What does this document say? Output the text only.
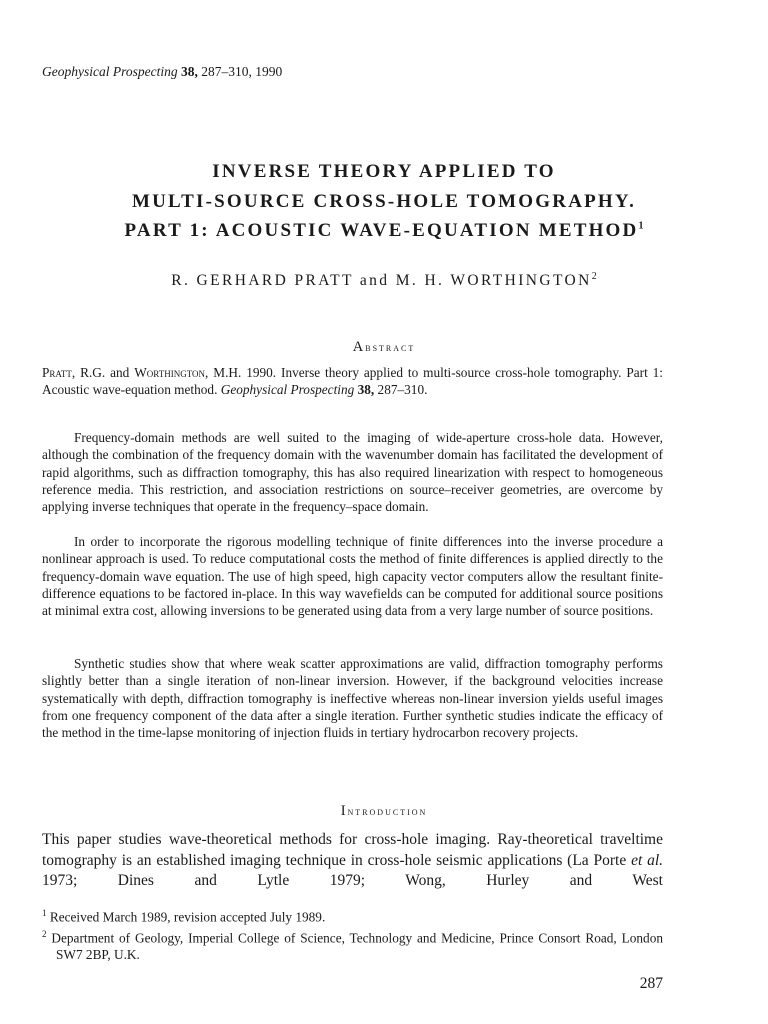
Geophysical Prospecting 38, 287–310, 1990
INVERSE THEORY APPLIED TO
MULTI-SOURCE CROSS-HOLE TOMOGRAPHY.
PART 1: ACOUSTIC WAVE-EQUATION METHOD$^1$
R. GERHARD PRATT and M. H. WORTHINGTON$^2$
Abstract
Pratt, R.G. and Worthington, M.H. 1990. Inverse theory applied to multi-source cross-hole tomography. Part 1: Acoustic wave-equation method. Geophysical Prospecting 38, 287–310.
Frequency-domain methods are well suited to the imaging of wide-aperture cross-hole data. However, although the combination of the frequency domain with the wavenumber domain has facilitated the development of rapid algorithms, such as diffraction tomography, this has also required linearization with respect to homogeneous reference media. This restriction, and association restrictions on source–receiver geometries, are overcome by applying inverse techniques that operate in the frequency–space domain.
In order to incorporate the rigorous modelling technique of finite differences into the inverse procedure a nonlinear approach is used. To reduce computational costs the method of finite differences is applied directly to the frequency-domain wave equation. The use of high speed, high capacity vector computers allow the resultant finite-difference equations to be factored in-place. In this way wavefields can be computed for additional source positions at minimal extra cost, allowing inversions to be generated using data from a very large number of source positions.
Synthetic studies show that where weak scatter approximations are valid, diffraction tomography performs slightly better than a single iteration of non-linear inversion. However, if the background velocities increase systematically with depth, diffraction tomography is ineffective whereas non-linear inversion yields useful images from one frequency component of the data after a single iteration. Further synthetic studies indicate the efficacy of the method in the time-lapse monitoring of injection fluids in tertiary hydrocarbon recovery projects.
Introduction
This paper studies wave-theoretical methods for cross-hole imaging. Ray-theoretical traveltime tomography is an established imaging technique in cross-hole seismic applications (La Porte et al. 1973; Dines and Lytle 1979; Wong, Hurley and West

$^1$ Received March 1989, revision accepted July 1989.

$^2$ Department of Geology, Imperial College of Science, Technology and Medicine, Prince Consort Road, London SW7 2BP, U.K.

287
